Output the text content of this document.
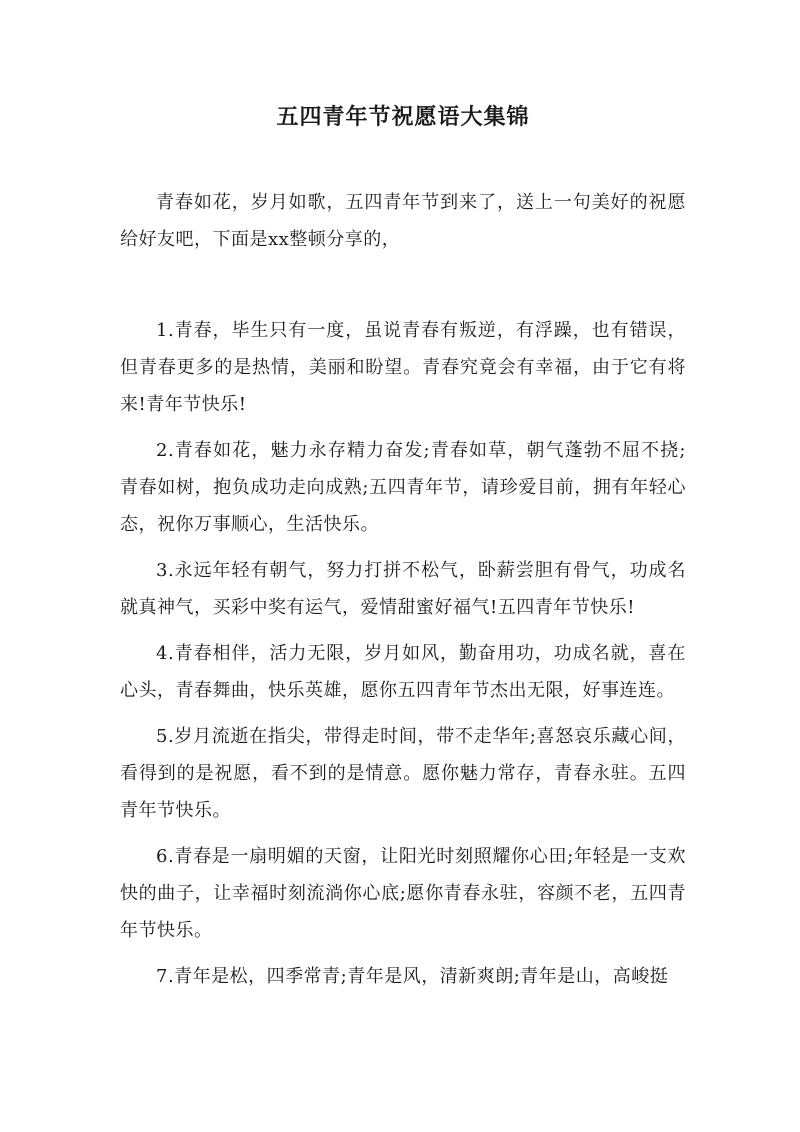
五四青年节祝愿语大集锦

青春如花，岁月如歌，五四青年节到来了，送上一句美好的祝愿给好友吧，下面是xx整顿分享的，

1.青春，毕生只有一度，虽说青春有叛逆，有浮躁，也有错误，但青春更多的是热情，美丽和盼望。青春究竟会有幸福，由于它有将来!青年节快乐!

2.青春如花，魅力永存精力奋发;青春如草，朝气蓬勃不屈不挠;青春如树，抱负成功走向成熟;五四青年节，请珍爱目前，拥有年轻心态，祝你万事顺心，生活快乐。

3.永远年轻有朝气，努力打拼不松气，卧薪尝胆有骨气，功成名就真神气，买彩中奖有运气，爱情甜蜜好福气!五四青年节快乐!

4.青春相伴，活力无限，岁月如风，勤奋用功，功成名就，喜在心头，青春舞曲，快乐英雄，愿你五四青年节杰出无限，好事连连。

5.岁月流逝在指尖，带得走时间，带不走华年;喜怒哀乐藏心间，看得到的是祝愿，看不到的是情意。愿你魅力常存，青春永驻。五四青年节快乐。

6.青春是一扇明媚的天窗，让阳光时刻照耀你心田;年轻是一支欢快的曲子，让幸福时刻流淌你心底;愿你青春永驻，容颜不老，五四青年节快乐。

7.青年是松，四季常青;青年是风，清新爽朗;青年是山，高峻挺
